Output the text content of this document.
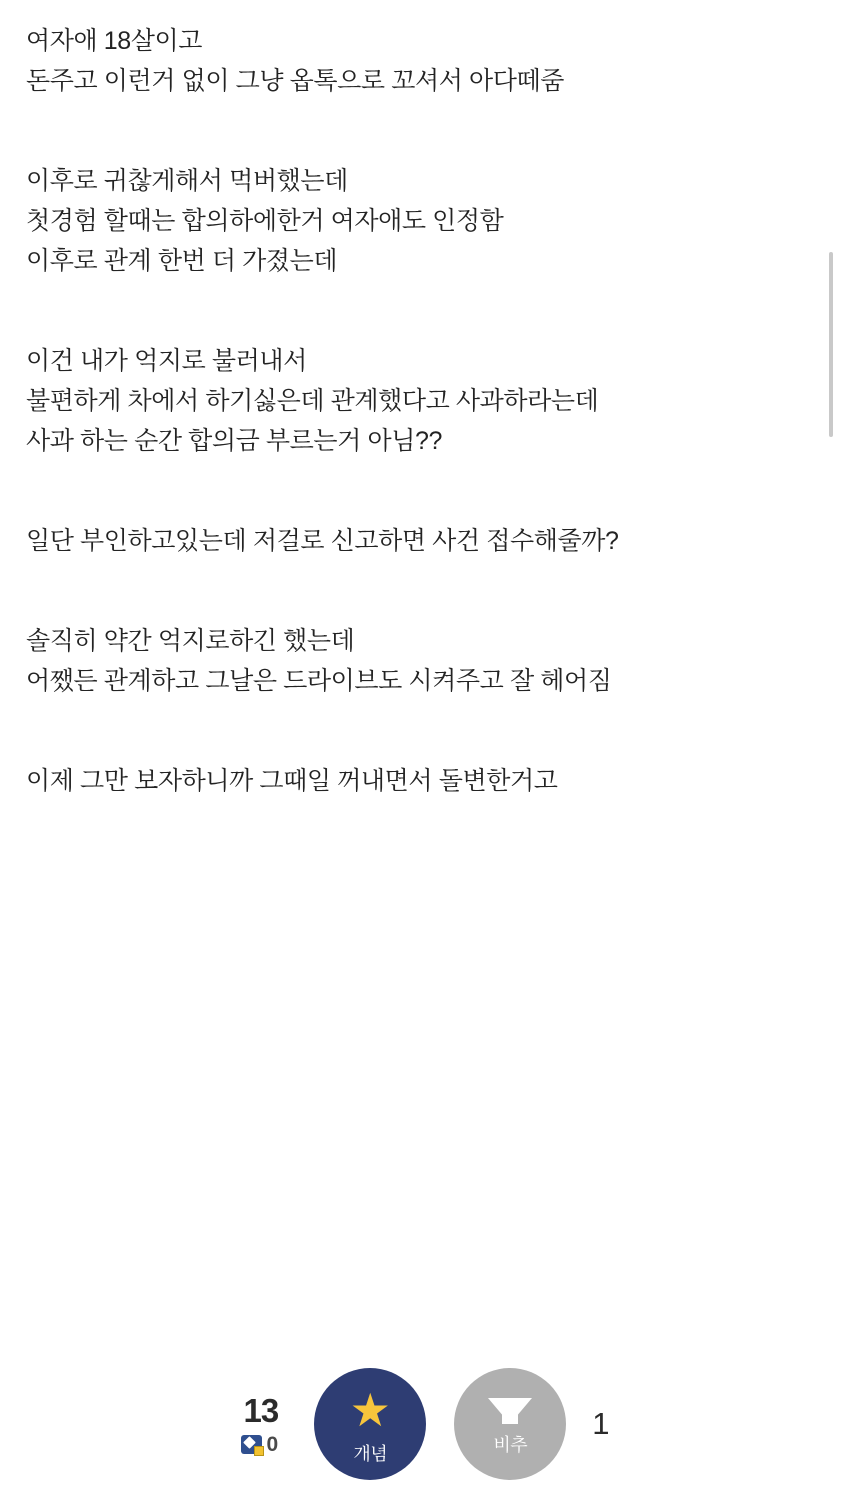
여자애 18살이고

돈주고 이런거 없이 그냥 옵톡으로 꼬셔서 아다떼줌

이후로 귀찮게해서 먹버했는데

첫경험 할때는 합의하에한거 여자애도 인정함

이후로 관계 한번 더 가졌는데

이건 내가 억지로 불러내서

불편하게 차에서 하기싫은데 관계했다고 사과하라는데

사과 하는 순간 합의금 부르는거 아님??

일단 부인하고있는데 저걸로 신고하면 사건 접수해줄까?

솔직히 약간 억지로하긴 했는데

어쨌든 관계하고 그날은 드라이브도 시켜주고 잘 헤어짐

이제 그만 보자하니까 그때일 꺼내면서 돌변한거고

13
0
★
개념	비추
1
